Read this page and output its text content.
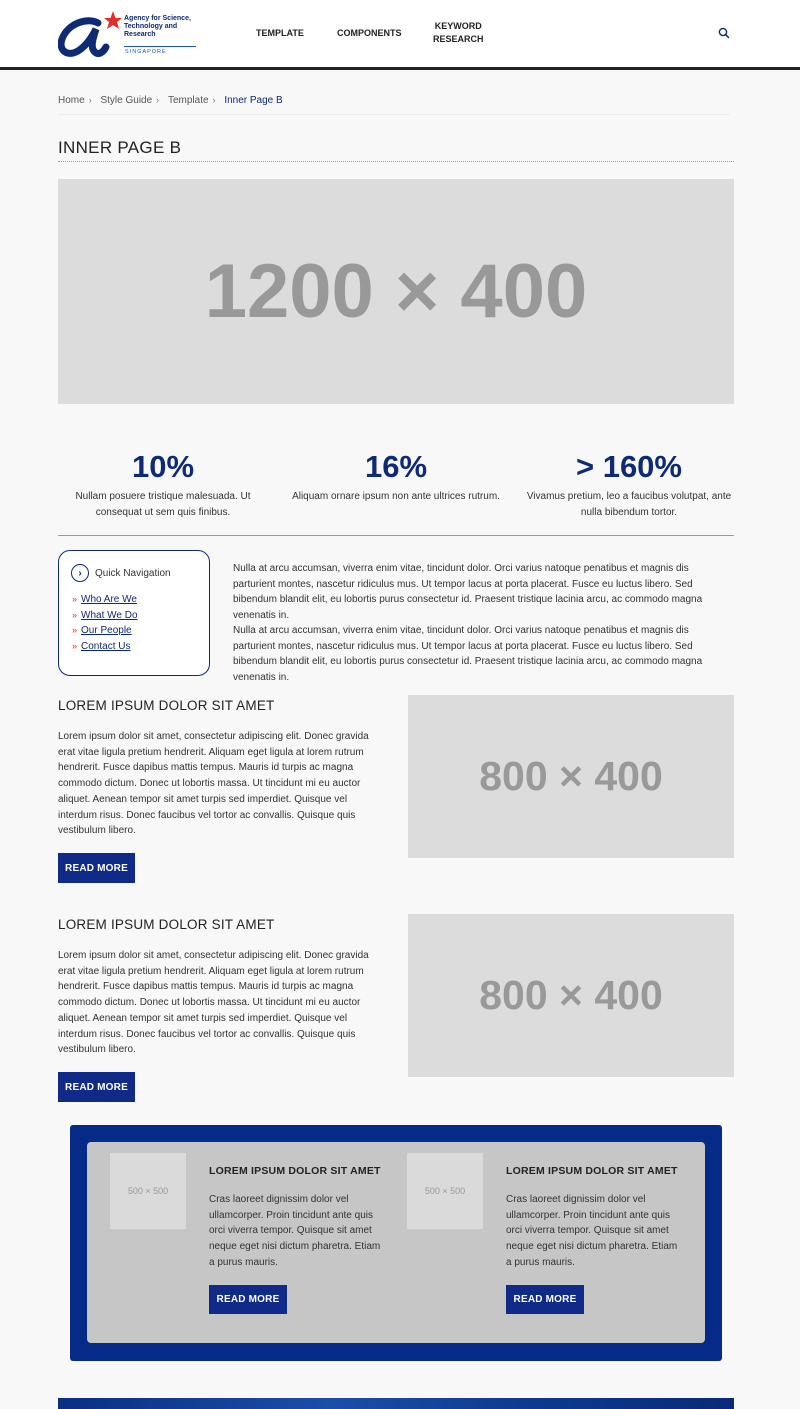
Agency for Science, Technology and Research
SINGAPORE
TEMPLATE	COMPONENTS
KEYWORD
RESEARCH
Home › Style Guide › Template › Inner Page B
INNER PAGE B
1200 × 400
10%
Nullam posuere tristique malesuada. Ut consequat ut sem quis finibus.
16%
Aliquam ornare ipsum non ante ultrices rutrum.
> 160%
Vivamus pretium, leo a faucibus volutpat, ante nulla bibendum tortor.
›	Quick Navigation
» Who Are We
» What We Do
» Our People
» Contact Us
Nulla at arcu accumsan, viverra enim vitae, tincidunt dolor. Orci varius natoque penatibus et magnis dis parturient montes, nascetur ridiculus mus. Ut tempor lacus at porta placerat. Fusce eu luctus libero. Sed bibendum blandit elit, eu lobortis purus consectetur id. Praesent tristique lacinia arcu, ac commodo magna venenatis in.
Nulla at arcu accumsan, viverra enim vitae, tincidunt dolor. Orci varius natoque penatibus et magnis dis parturient montes, nascetur ridiculus mus. Ut tempor lacus at porta placerat. Fusce eu luctus libero. Sed bibendum blandit elit, eu lobortis purus consectetur id. Praesent tristique lacinia arcu, ac commodo magna venenatis in.
LOREM IPSUM DOLOR SIT AMET
Lorem ipsum dolor sit amet, consectetur adipiscing elit. Donec gravida erat vitae ligula pretium hendrerit. Aliquam eget ligula at lorem rutrum hendrerit. Fusce dapibus mattis tempus. Mauris id turpis ac magna commodo dictum. Donec ut lobortis massa. Ut tincidunt mi eu auctor aliquet. Aenean tempor sit amet turpis sed imperdiet. Quisque vel interdum risus. Donec faucibus vel tortor ac convallis. Quisque quis vestibulum libero.
READ MORE
800 × 400
LOREM IPSUM DOLOR SIT AMET
Lorem ipsum dolor sit amet, consectetur adipiscing elit. Donec gravida erat vitae ligula pretium hendrerit. Aliquam eget ligula at lorem rutrum hendrerit. Fusce dapibus mattis tempus. Mauris id turpis ac magna commodo dictum. Donec ut lobortis massa. Ut tincidunt mi eu auctor aliquet. Aenean tempor sit amet turpis sed imperdiet. Quisque vel interdum risus. Donec faucibus vel tortor ac convallis. Quisque quis vestibulum libero.
READ MORE
800 × 400
500 × 500
LOREM IPSUM DOLOR SIT AMET
Cras laoreet dignissim dolor vel ullamcorper. Proin tincidunt ante quis orci viverra tempor. Quisque sit amet neque eget nisi dictum pharetra. Etiam a purus mauris.
READ MORE
500 × 500
LOREM IPSUM DOLOR SIT AMET
Cras laoreet dignissim dolor vel ullamcorper. Proin tincidunt ante quis orci viverra tempor. Quisque sit amet neque eget nisi dictum pharetra. Etiam a purus mauris.
READ MORE
